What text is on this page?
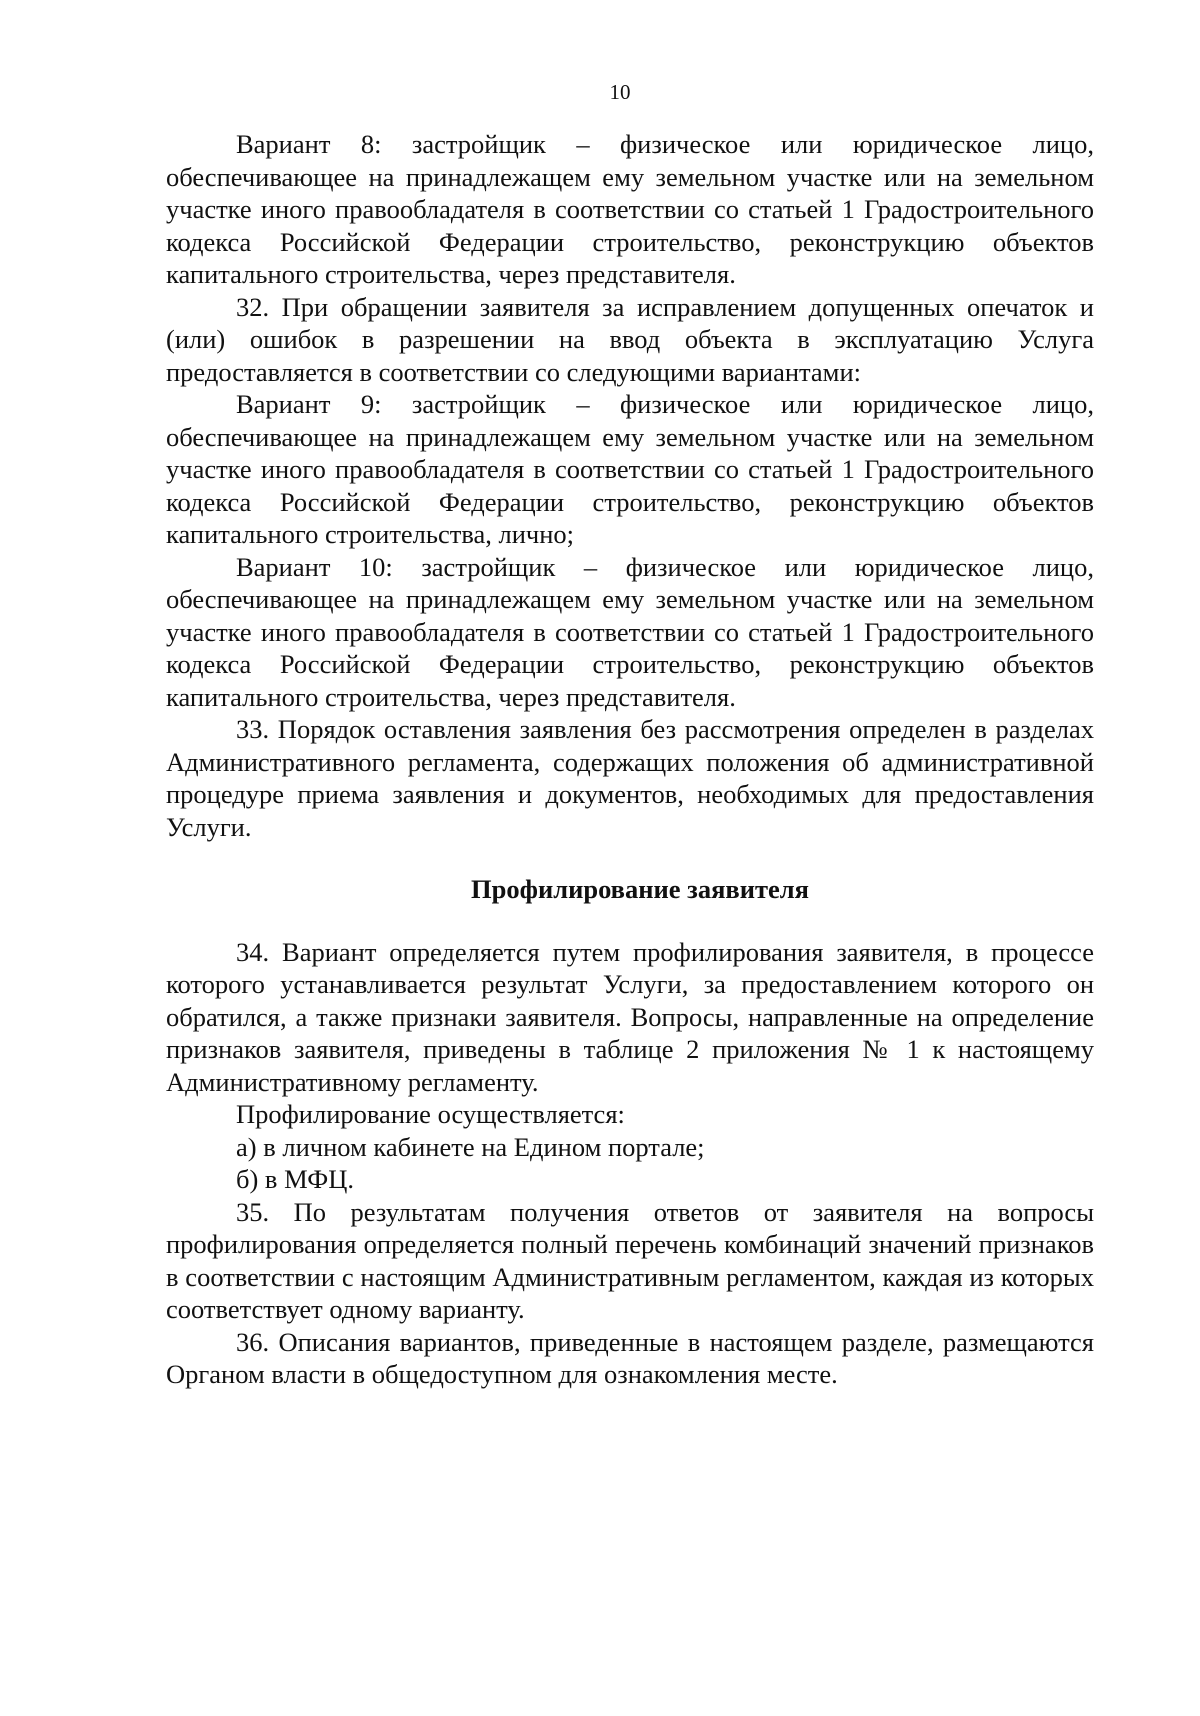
10

Вариант 8: застройщик – физическое или юридическое лицо, обеспечивающее на принадлежащем ему земельном участке или на земельном участке иного правообладателя в соответствии со статьей 1 Градостроительного кодекса Российской Федерации строительство, реконструкцию объектов капитального строительства, через представителя.

32. При обращении заявителя за исправлением допущенных опечаток и (или) ошибок в разрешении на ввод объекта в эксплуатацию Услуга предоставляется в соответствии со следующими вариантами:

Вариант 9: застройщик – физическое или юридическое лицо, обеспечивающее на принадлежащем ему земельном участке или на земельном участке иного правообладателя в соответствии со статьей 1 Градостроительного кодекса Российской Федерации строительство, реконструкцию объектов капитального строительства, лично;

Вариант 10: застройщик – физическое или юридическое лицо, обеспечивающее на принадлежащем ему земельном участке или на земельном участке иного правообладателя в соответствии со статьей 1 Градостроительного кодекса Российской Федерации строительство, реконструкцию объектов капитального строительства, через представителя.

33. Порядок оставления заявления без рассмотрения определен в разделах Административного регламента, содержащих положения об административной процедуре приема заявления и документов, необходимых для предоставления Услуги.

Профилирование заявителя

34. Вариант определяется путем профилирования заявителя, в процессе которого устанавливается результат Услуги, за предоставлением которого он обратился, а также признаки заявителя. Вопросы, направленные на определение признаков заявителя, приведены в таблице 2 приложения № 1 к настоящему Административному регламенту.

Профилирование осуществляется:

а) в личном кабинете на Едином портале;

б) в МФЦ.

35. По результатам получения ответов от заявителя на вопросы профилирования определяется полный перечень комбинаций значений признаков в соответствии с настоящим Административным регламентом, каждая из которых соответствует одному варианту.

36. Описания вариантов, приведенные в настоящем разделе, размещаются Органом власти в общедоступном для ознакомления месте.
